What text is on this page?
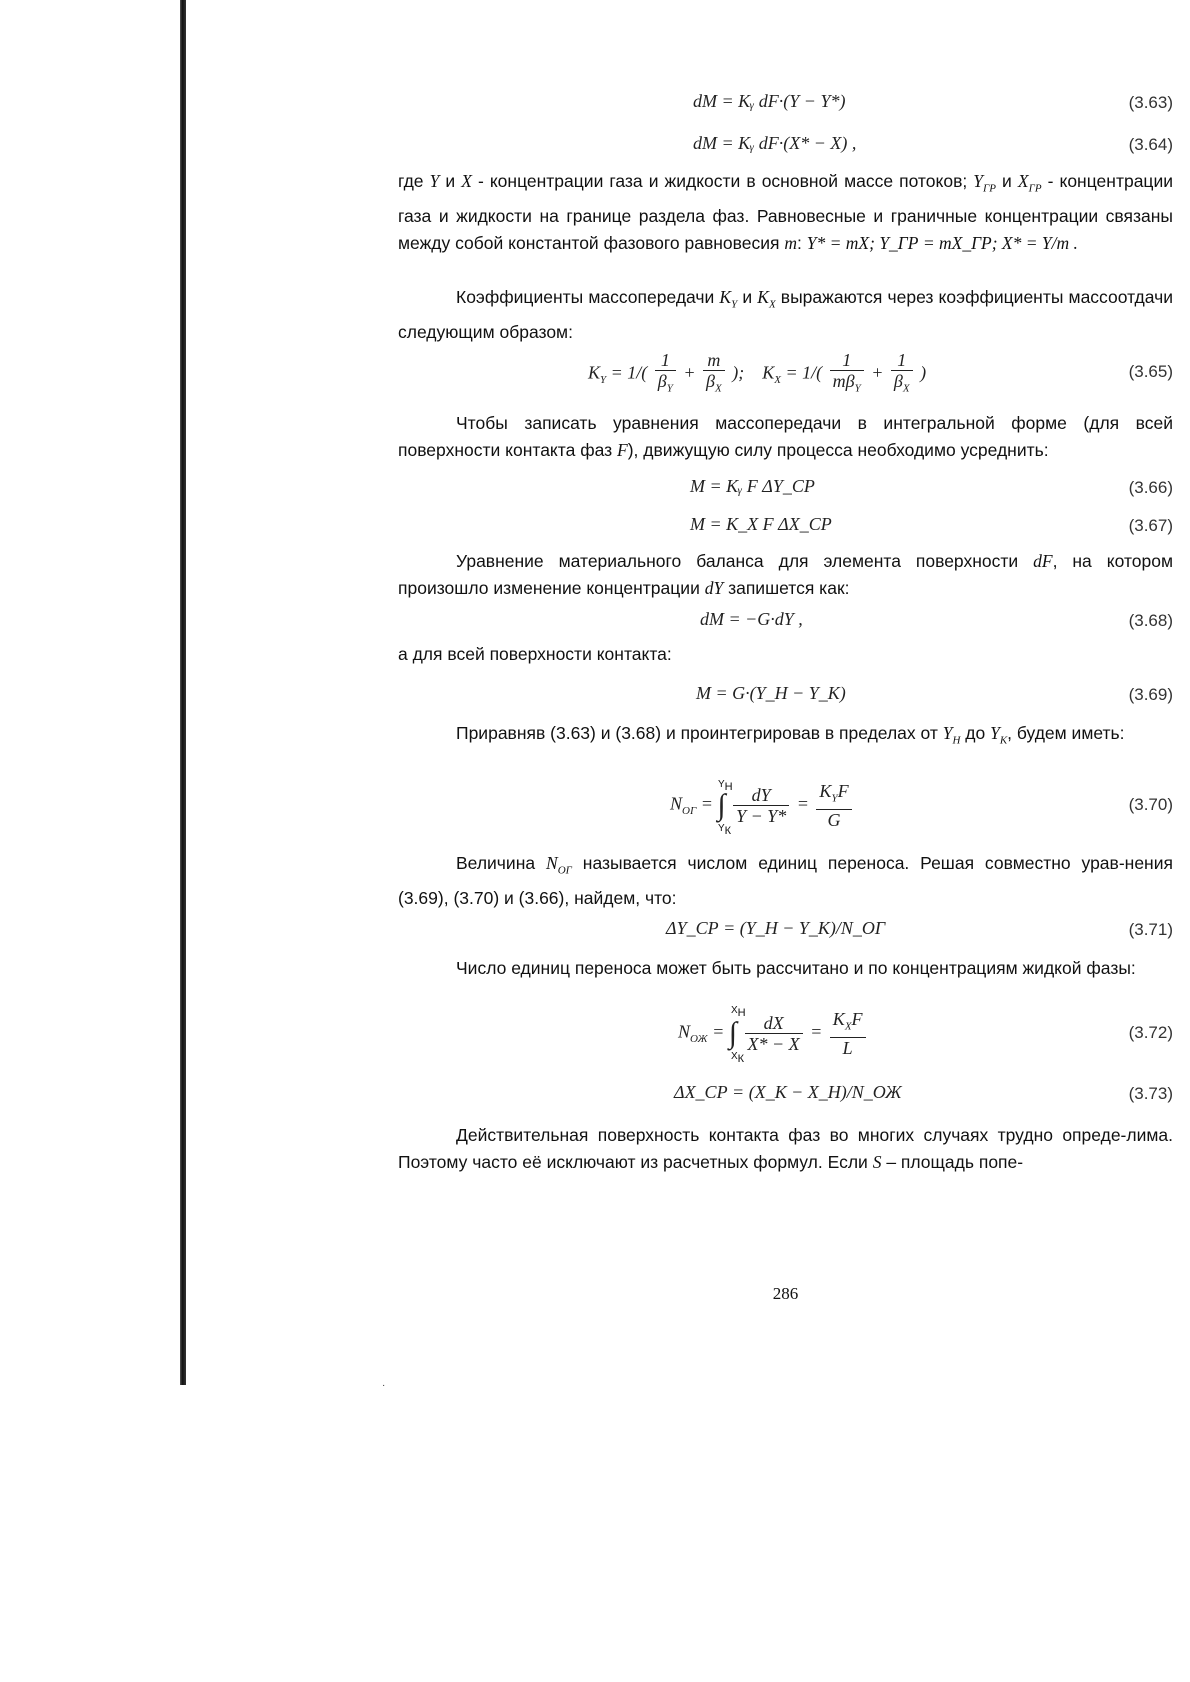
·
dM = Kᵧ dF·(Y − Y*)	(3.63)
dM = Kᵧ dF·(X* − X) ,	(3.64)
где Y и X - концентрации газа и жидкости в основной массе потоков; $Y_{ГР}$ и $X_{ГР}$ - концентрации газа и жидкости на границе раздела фаз. Равновесные и граничные концентрации связаны между собой константой фазового равновесия m: Y* = mX; Y_ГР = mX_ГР; X* = Y/m .
Коэффициенты массопередачи $K_Y$ и $K_X$ выражаются через коэффициенты массоотдачи следующим образом:
$K_Y = 1/( \frac{1}{\beta_Y} + \frac{m}{\beta_X}$ );    $K_X = 1/( \frac{1}{m\beta_Y} + \frac{1}{\beta_X}$ )	(3.65)
Чтобы записать уравнения массопередачи в интегральной форме (для всей поверхности контакта фаз F), движущую силу процесса необходимо усреднить:
M = Kᵧ F ΔY_СР	(3.66)
M = K_X F ΔX_СР	(3.67)
Уравнение материального баланса для элемента поверхности dF, на котором произошло изменение концентрации dY запишется как:
dM = −G·dY ,	(3.68)
а для всей поверхности контакта:
M = G·(Y_Н − Y_К)	(3.69)
Приравняв (3.63) и (3.68) и проинтегрировав в пределах от $Y_Н$ до $Y_К$, будем иметь:
$N_{ОГ}$ = ∫ $\frac{dY}{Y - Y*} = \frac{K_YF}{G}$
$Y_Н$
$Y_К$
(3.70)
Величина $N_{ОГ}$ называется числом единиц переноса. Решая совместно урав-нения (3.69), (3.70) и (3.66), найдем, что:
ΔY_СР = (Y_Н − Y_К)/N_ОГ	(3.71)
Число единиц переноса может быть рассчитано и по концентрациям жидкой фазы:
$N_{ОЖ}$ = ∫ $\frac{dX}{X* - X} = \frac{K_XF}{L}$
$X_Н$
$X_К$
(3.72)
ΔX_СР = (X_К − X_Н)/N_ОЖ	(3.73)
Действительная поверхность контакта фаз во многих случаях трудно опреде-лима. Поэтому часто её исключают из расчетных формул. Если S – площадь попе-
286
